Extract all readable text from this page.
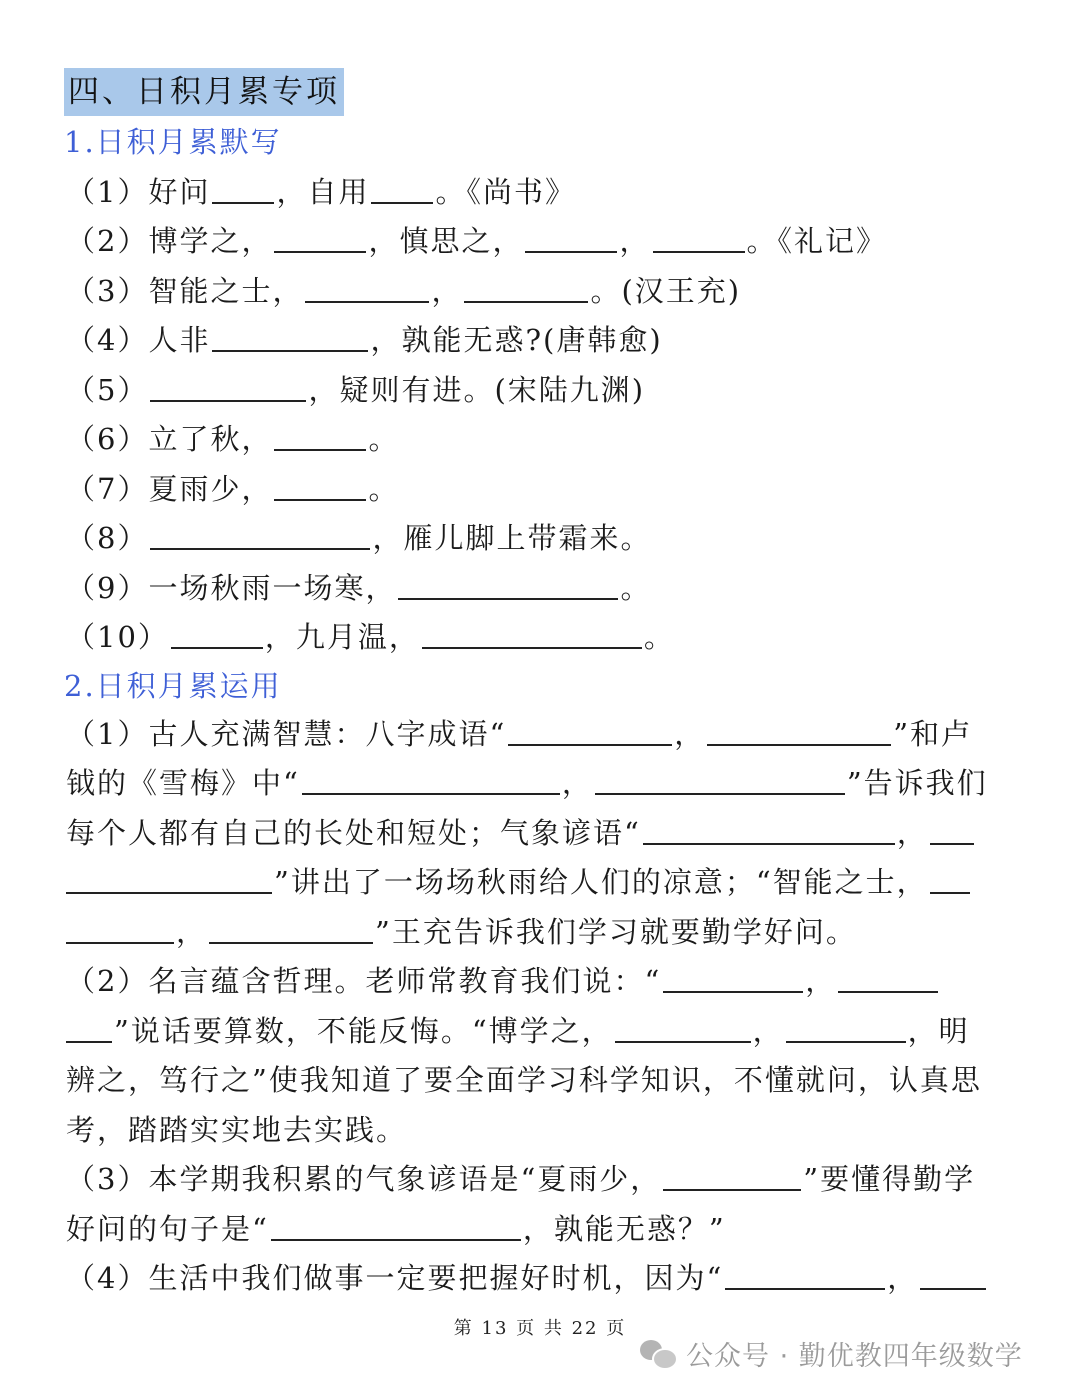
四、日积月累专项
1.日积月累默写
（1）好问 ，自用 。《尚书》
（2）博学之，	，慎思之，	，	。《礼记》
（3）智能之士，	，	。(汉王充)
（4）人非	，孰能无惑?(唐韩愈)
（5）	，疑则有进。(宋陆九渊)
（6）立了秋，	。
（7）夏雨少，	。
（8）	，雁儿脚上带霜来。
（9）一场秋雨一场寒，	。
（10）	，九月温，	。
2.日积月累运用
（1）古人充满智慧：八字成语“	，	”和卢
钺的《雪梅》中“	，	”告诉我们
每个人都有自己的长处和短处；气象谚语“	，
”讲出了一场场秋雨给人们的凉意；“智能之士，
，	”王充告诉我们学习就要勤学好问。
（2）名言蕴含哲理。老师常教育我们说：“	，
”说话要算数，不能反悔。“博学之，	，	，明
辨之，笃行之”使我知道了要全面学习科学知识，不懂就问，认真思
考，踏踏实实地去实践。
（3）本学期我积累的气象谚语是“夏雨少，	”要懂得勤学
好问的句子是“	，孰能无惑？”
（4）生活中我们做事一定要把握好时机，因为“	，
第 13 页 共 22 页
公众号 · 勤优教四年级数学
